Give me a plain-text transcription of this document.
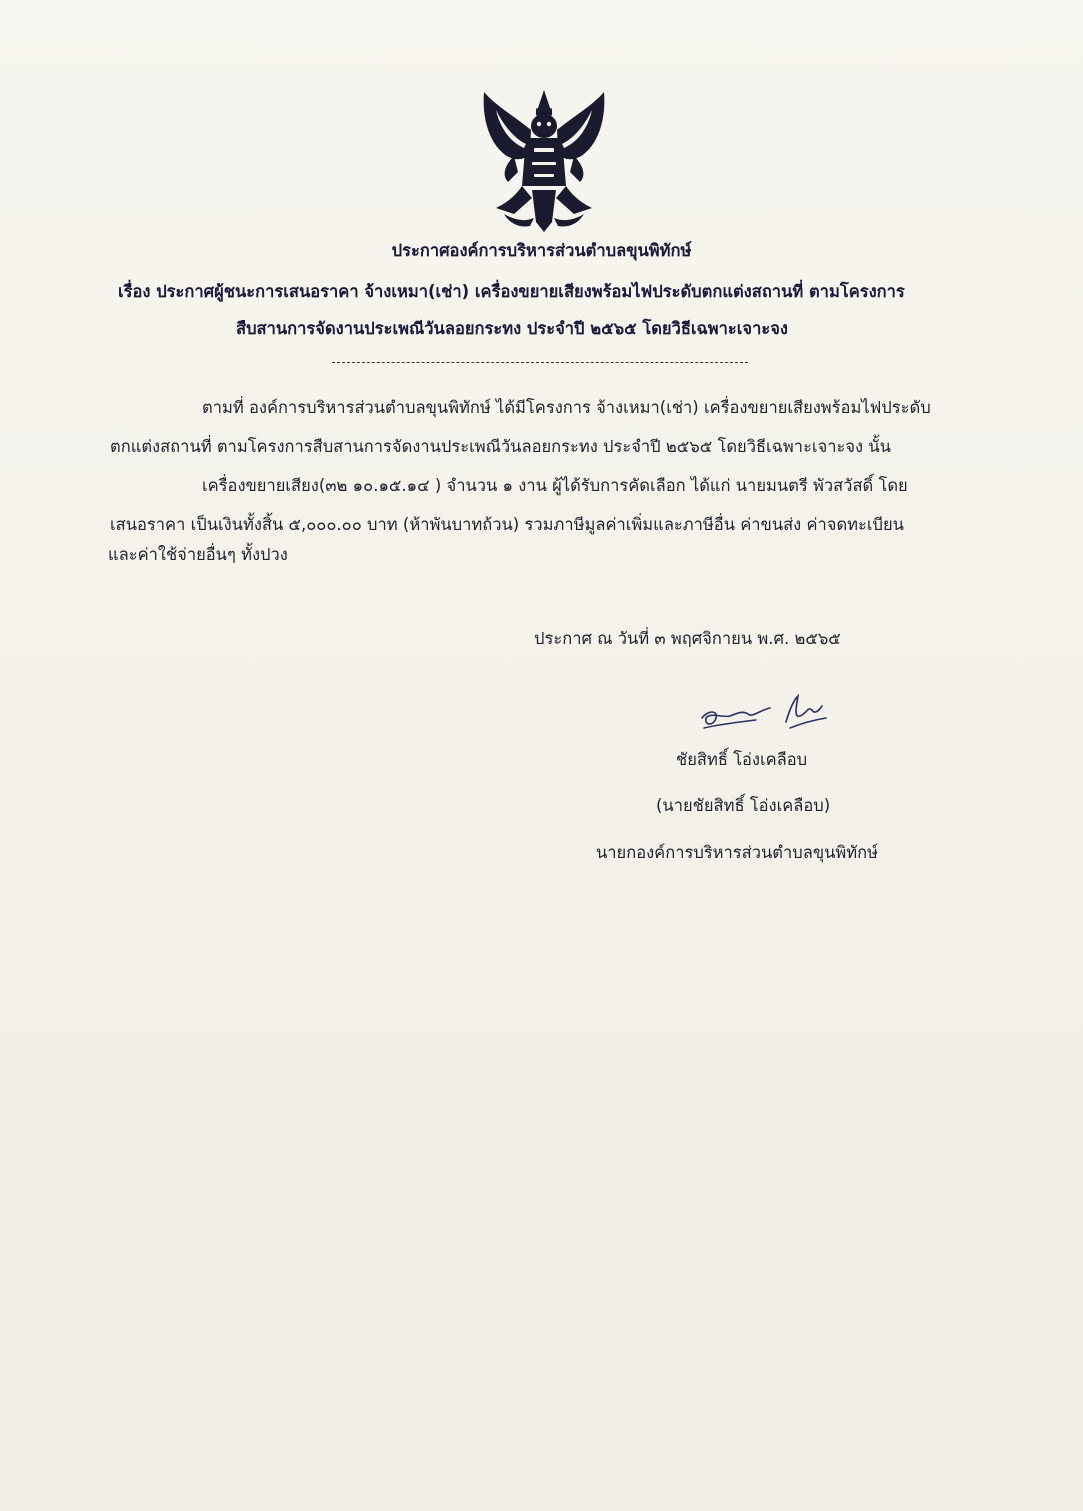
ประกาศองค์การบริหารส่วนตำบลขุนพิทักษ์
เรื่อง ประกาศผู้ชนะการเสนอราคา จ้างเหมา(เช่า) เครื่องขยายเสียงพร้อมไฟประดับตกแต่งสถานที่ ตามโครงการ
สืบสานการจัดงานประเพณีวันลอยกระทง ประจำปี ๒๕๖๕ โดยวิธีเฉพาะเจาะจง
ตามที่ องค์การบริหารส่วนตำบลขุนพิทักษ์ ได้มีโครงการ จ้างเหมา(เช่า) เครื่องขยายเสียงพร้อมไฟประดับ
ตกแต่งสถานที่ ตามโครงการสืบสานการจัดงานประเพณีวันลอยกระทง ประจำปี ๒๕๖๕ โดยวิธีเฉพาะเจาะจง นั้น
เครื่องขยายเสียง(๓๒ ๑๐.๑๕.๑๔ ) จำนวน ๑ งาน ผู้ได้รับการคัดเลือก ได้แก่ นายมนตรี พัวสวัสดิ์ โดย
เสนอราคา เป็นเงินทั้งสิ้น ๕,๐๐๐.๐๐ บาท (ห้าพันบาทถ้วน) รวมภาษีมูลค่าเพิ่มและภาษีอื่น ค่าขนส่ง ค่าจดทะเบียน
และค่าใช้จ่ายอื่นๆ ทั้งปวง
ประกาศ ณ วันที่ ๓ พฤศจิกายน พ.ศ. ๒๕๖๕
ชัยสิทธิ์ โอ่งเคลือบ
(นายชัยสิทธิ์ โอ่งเคลือบ)
นายกองค์การบริหารส่วนตำบลขุนพิทักษ์
